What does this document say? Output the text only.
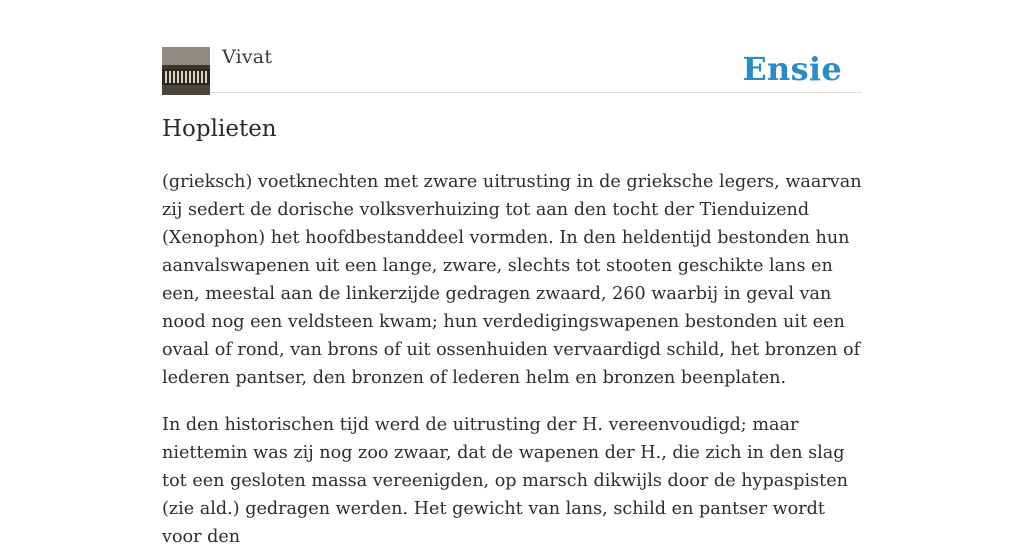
Vivat	Ensie
Hoplieten

(grieksch) voetknechten met zware uitrusting in de grieksche legers, waarvan zij sedert de dorische volksverhuizing tot aan den tocht der Tienduizend (Xenophon) het hoofdbestanddeel vormden. In den heldentijd bestonden hun aanvalswapenen uit een lange, zware, slechts tot stooten geschikte lans en een, meestal aan de linkerzijde gedragen zwaard, 260 waarbij in geval van nood nog een veldsteen kwam; hun verdedigingswapenen bestonden uit een ovaal of rond, van brons of uit ossenhuiden vervaardigd schild, het bronzen of lederen pantser, den bronzen of lederen helm en bronzen beenplaten.

In den historischen tijd werd de uitrusting der H. vereenvoudigd; maar niettemin was zij nog zoo zwaar, dat de wapenen der H., die zich in den slag tot een gesloten massa vereenigden, op marsch dikwijls door de hypaspisten (zie ald.) gedragen werden. Het gewicht van lans, schild en pantser wordt voor den
